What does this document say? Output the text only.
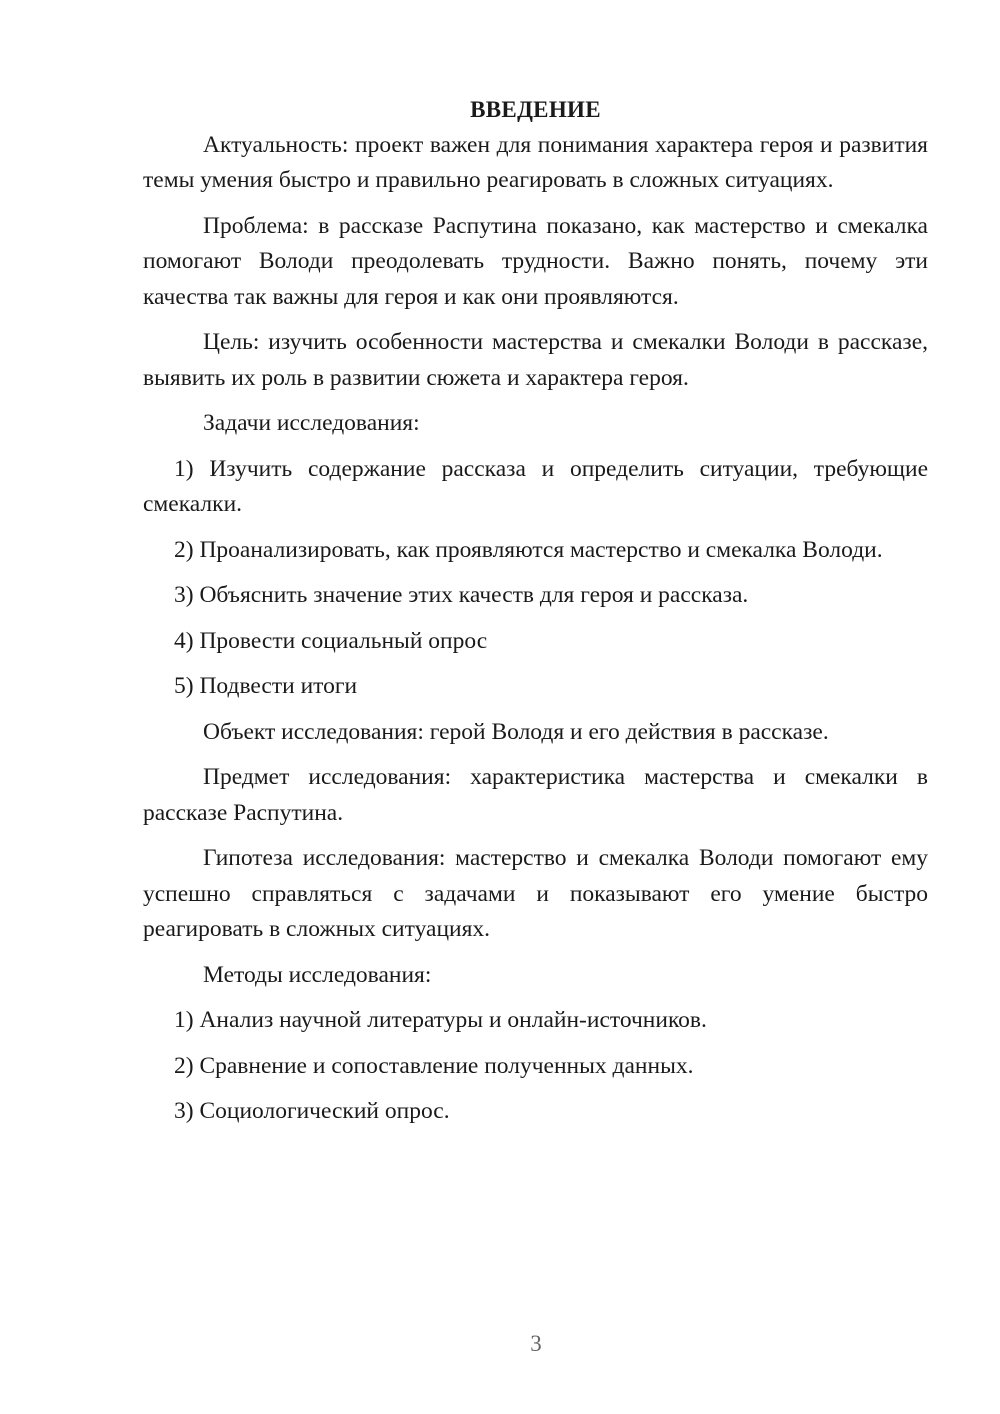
ВВЕДЕНИЕ

Актуальность: проект важен для понимания характера героя и развития темы умения быстро и правильно реагировать в сложных ситуациях.

Проблема: в рассказе Распутина показано, как мастерство и смекалка помогают Володи преодолевать трудности. Важно понять, почему эти качества так важны для героя и как они проявляются.

Цель: изучить особенности мастерства и смекалки Володи в рассказе, выявить их роль в развитии сюжета и характера героя.

Задачи исследования:

1) Изучить содержание рассказа и определить ситуации, требующие смекалки.

2) Проанализировать, как проявляются мастерство и смекалка Володи.

3) Объяснить значение этих качеств для героя и рассказа.

4) Провести социальный опрос

5) Подвести итоги

Объект исследования: герой Володя и его действия в рассказе.

Предмет исследования: характеристика мастерства и смекалки в рассказе Распутина.

Гипотеза исследования: мастерство и смекалка Володи помогают ему успешно справляться с задачами и показывают его умение быстро реагировать в сложных ситуациях.

Методы исследования:

1) Анализ научной литературы и онлайн-источников.

2) Сравнение и сопоставление полученных данных.

3) Социологический опрос.

3
